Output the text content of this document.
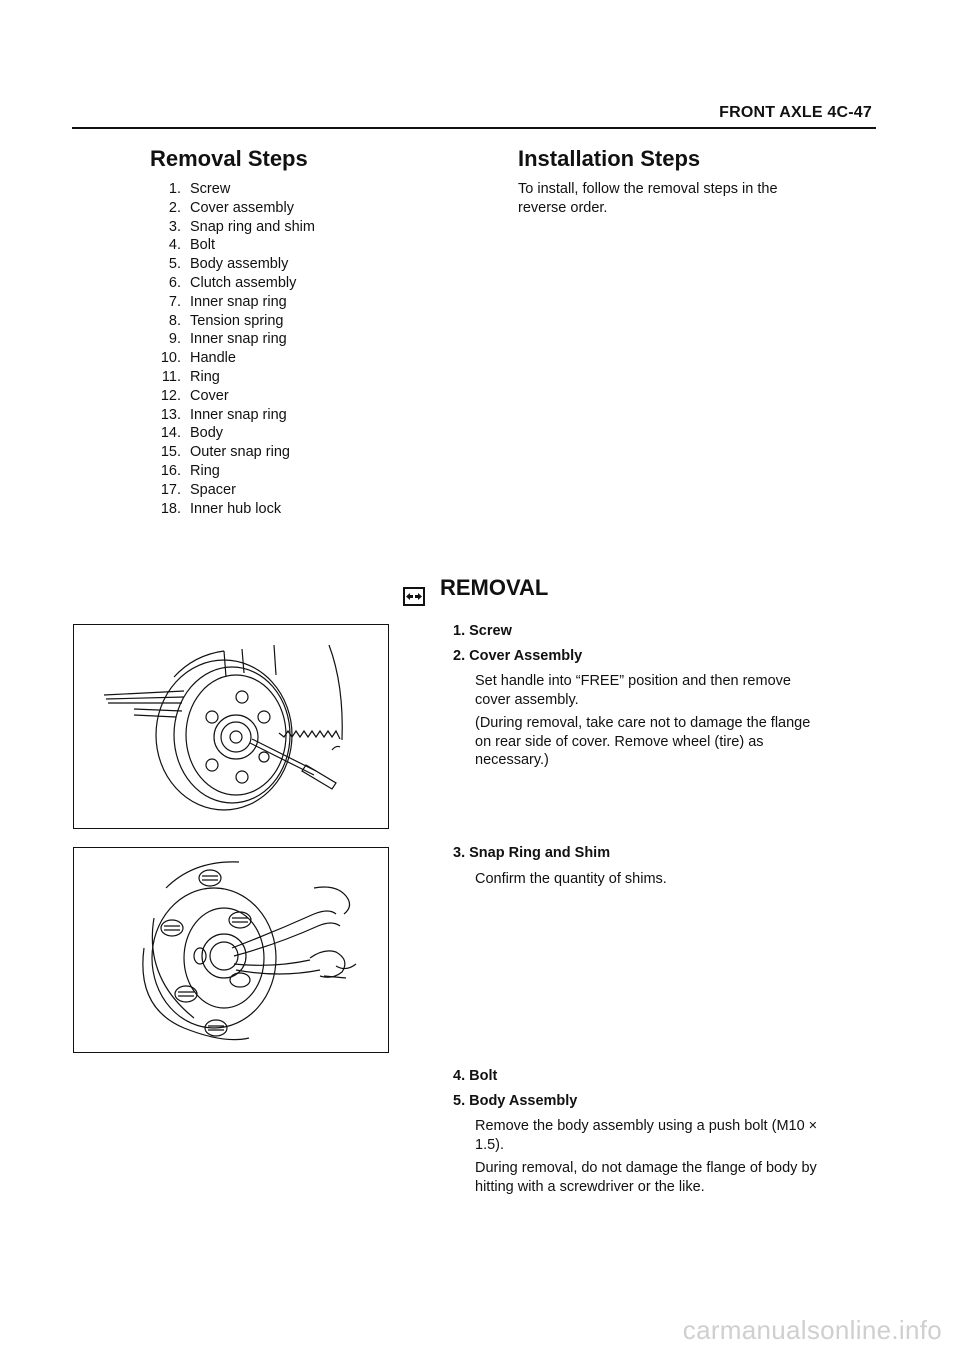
FRONT AXLE 4C-47
Removal Steps
1. Screw
2. Cover assembly
3. Snap ring and shim
4. Bolt
5. Body assembly
6. Clutch assembly
7. Inner snap ring
8. Tension spring
9. Inner snap ring
10. Handle
11. Ring
12. Cover
13. Inner snap ring
14. Body
15. Outer snap ring
16. Ring
17. Spacer
18. Inner hub lock
Installation Steps
To install, follow the removal steps in the
reverse order.
REMOVAL
1. Screw
2. Cover Assembly
Set handle into “FREE” position and then remove
cover assembly.
(During removal, take care not to damage the flange
on rear side of cover. Remove wheel (tire) as
necessary.)
3. Snap Ring and Shim
Confirm the quantity of shims.
4. Bolt
5. Body Assembly
Remove the body assembly using a push bolt (M10 ×
1.5).
During removal, do not damage the flange of body by
hitting with a screwdriver or the like.
carmanualsonline.info
